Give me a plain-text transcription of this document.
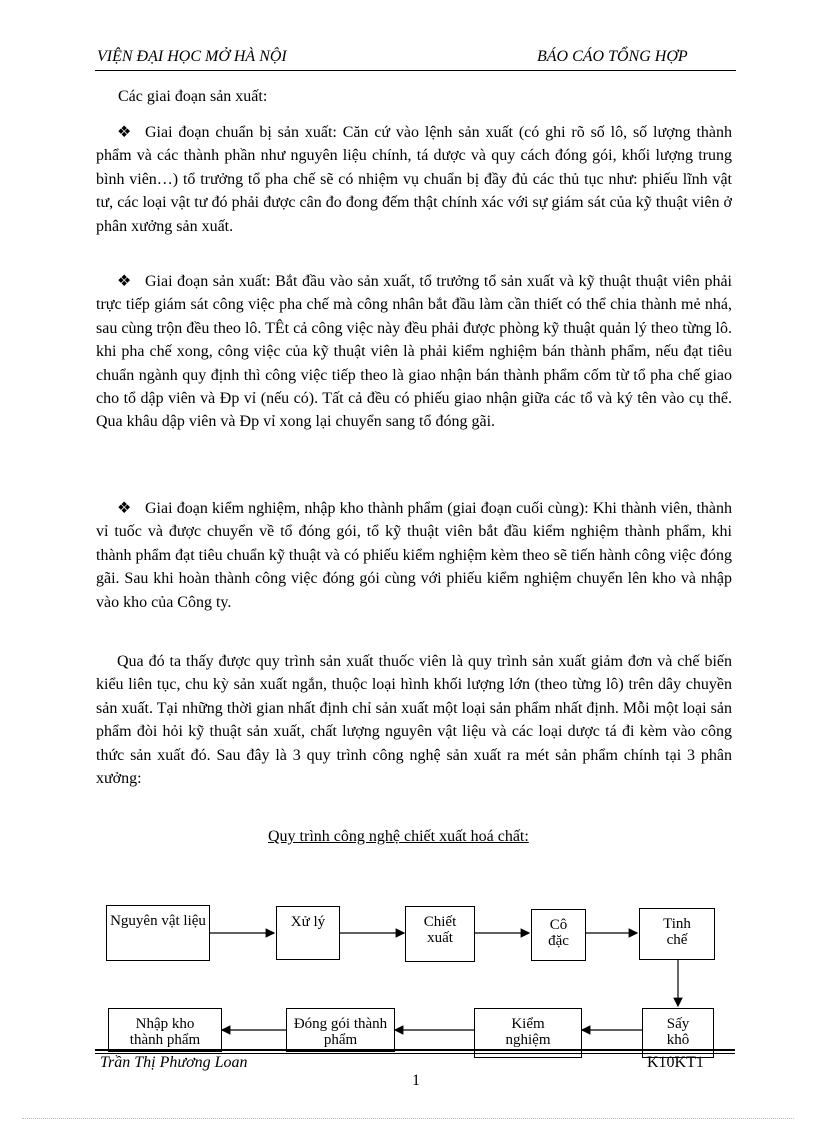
VIỆN ĐẠI HỌC MỞ HÀ NỘI	BÁO CÁO TỔNG HỢP
Các giai đoạn sản xuất:

❖ Giai đoạn chuẩn bị sản xuất: Căn cứ vào lệnh sản xuất (có ghi rõ số lô, số lượng thành phẩm và các thành phần như nguyên liệu chính, tá dược và quy cách đóng gói, khối lượng trung bình viên…) tổ trưởng tổ pha chế sẽ có nhiệm vụ chuẩn bị đầy đủ các thủ tục như: phiếu lĩnh vật tư, các loại vật tư đó phải được cân đo đong đếm thật chính xác với sự giám sát của kỹ thuật viên ở phân xưởng sản xuất.

❖ Giai đoạn sản xuất: Bắt đầu vào sản xuất, tổ trưởng tổ sản xuất và kỹ thuật thuật viên phải trực tiếp giám sát công việc pha chế mà công nhân bắt đầu làm cần thiết có thể chia thành mẻ nhá, sau cùng trộn đều theo lô. TÊt cả công việc này đều phải được phòng kỹ thuật quản lý theo từng lô. khi pha chế xong, công việc của kỹ thuật viên là phải kiểm nghiệm bán thành phẩm, nếu đạt tiêu chuẩn ngành quy định thì công việc tiếp theo là giao nhận bán thành phẩm cốm từ tổ pha chế giao cho tổ dập viên và Đp vỉ (nếu có). Tất cả đều có phiếu giao nhận giữa các tổ và ký tên vào cụ thể. Qua khâu dập viên và Đp vỉ xong lại chuyển sang tổ đóng gãi.

❖ Giai đoạn kiểm nghiệm, nhập kho thành phẩm (giai đoạn cuối cùng): Khi thành viên, thành vỉ tuốc và được chuyển về tổ đóng gói, tổ kỹ thuật viên bắt đầu kiểm nghiệm thành phẩm, khi thành phẩm đạt tiêu chuẩn kỹ thuật và có phiếu kiểm nghiệm kèm theo sẽ tiến hành công việc đóng gãi. Sau khi hoàn thành công việc đóng gói cùng với phiếu kiểm nghiệm chuyển lên kho và nhập vào kho của Công ty.

Qua đó ta thấy được quy trình sản xuất thuốc viên là quy trình sản xuất giảm đơn và chế biến kiểu liên tục, chu kỳ sản xuất ngắn, thuộc loại hình khối lượng lớn (theo từng lô) trên dây chuyền sản xuất. Tại những thời gian nhất định chỉ sản xuất một loại sản phẩm nhất định. Mỗi một loại sản phẩm đòi hỏi kỹ thuật sản xuất, chất lượng nguyên vật liệu và các loại dược tá đi kèm vào công thức sản xuất đó. Sau đây là 3 quy trình công nghệ sản xuất ra mét sản phẩm chính tại 3 phân xưởng:

Quy trình công nghệ chiết xuất hoá chất:
Nguyên vật liệu	Xử lý	Chiết xuất
Cô đặc
Tinh chế
Sấy khô
Kiểm nghiệm
Đóng gói thành phẩm
Nhập kho thành phẩm
Trần Thị Phương Loan	K10KT1
1
